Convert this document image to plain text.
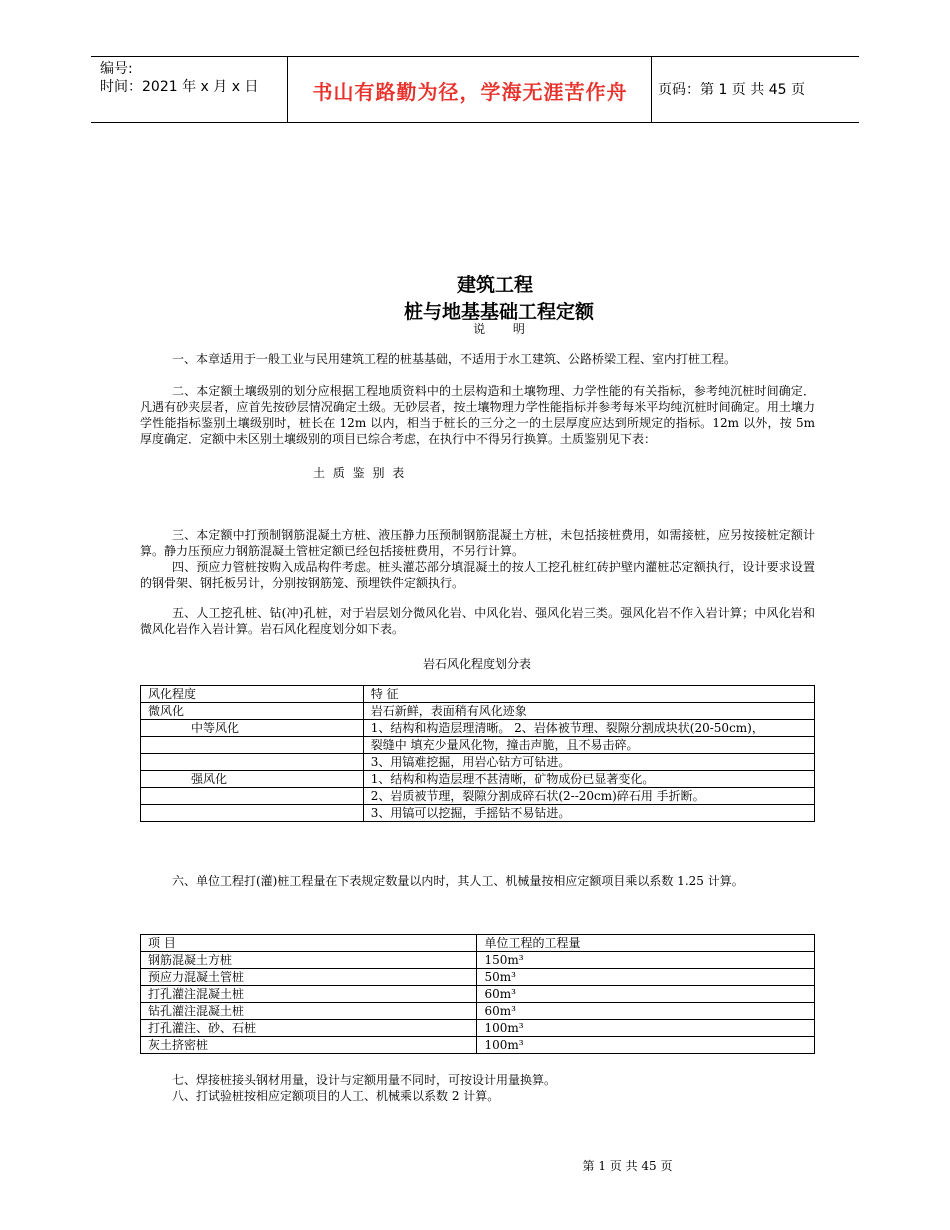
编号:
时间：2021 年 x 月 x 日	书山有路勤为径，学海无涯苦作舟	页码：第 1 页 共 45 页
建筑工程
桩与地基基础工程定额
说 明

一、本章适用于一般工业与民用建筑工程的桩基基础，不适用于水工建筑、公路桥梁工程、室内打桩工程。

二、本定额土壤级别的划分应根据工程地质资料中的土层构造和土壤物理、力学性能的有关指标，参考纯沉桩时间确定．凡遇有砂夹层者，应首先按砂层情况确定土级。无砂层者，按土壤物理力学性能指标并参考每米平均纯沉桩时间确定。用土壤力学性能指标鉴别土壤级别时，桩长在 12m 以内，相当于桩长的三分之一的土层厚度应达到所规定的指标。12m 以外，按 5m 厚度确定．定额中未区别土壤级别的项目已综合考虑，在执行中不得另行换算。土质鉴别见下表：

土 质 鉴 别 表

三、本定额中打预制钢筋混凝土方桩、液压静力压预制钢筋混凝土方桩，未包括接桩费用，如需接桩，应另按接桩定额计算。静力压预应力钢筋混凝土管桩定额已经包括接桩费用，不另行计算。

四、预应力管桩按购入成品构件考虑。桩头灌芯部分填混凝土的按人工挖孔桩红砖护壁内灌桩芯定额执行，设计要求设置的钢骨架、钢托板另计，分别按钢筋笼、预埋铁件定额执行。

五、人工挖孔桩、钻(冲)孔桩，对于岩层划分微风化岩、中风化岩、强风化岩三类。强风化岩不作入岩计算；中风化岩和微风化岩作入岩计算。岩石风化程度划分如下表。

岩石风化程度划分表
风化程度	特 征
微风化	岩石新鲜，表面稍有风化迹象
中等风化	1、结构和构造层理清晰。 2、岩体被节理、裂隙分割成块状(20-50cm)，
	裂缝中 填充少量风化物，撞击声脆，且不易击碎。
	3、用镐难挖掘，用岩心钻方可钻进。
强风化	1、结构和构造层理不甚清晰，矿物成份已显著变化。
	2、岩质被节理，裂隙分割成碎石状(2--20cm)碎石用 手折断。
	3、用镐可以挖掘，手摇钻不易钻进。

六、单位工程打(灌)桩工程量在下表规定数量以内时，其人工、机械量按相应定额项目乘以系数 1.25 计算。

项 目	单位工程的工程量
钢筋混凝土方桩	150m³
预应力混凝土管桩	50m³
打孔灌注混凝土桩	60m³
钻孔灌注混凝土桩	60m³
打孔灌注、砂、石桩	100m³
灰土挤密桩	100m³

七、焊接桩接头钢材用量，设计与定额用量不同时，可按设计用量换算。

八、打试验桩按相应定额项目的人工、机械乘以系数 2 计算。

第 1 页 共 45 页
